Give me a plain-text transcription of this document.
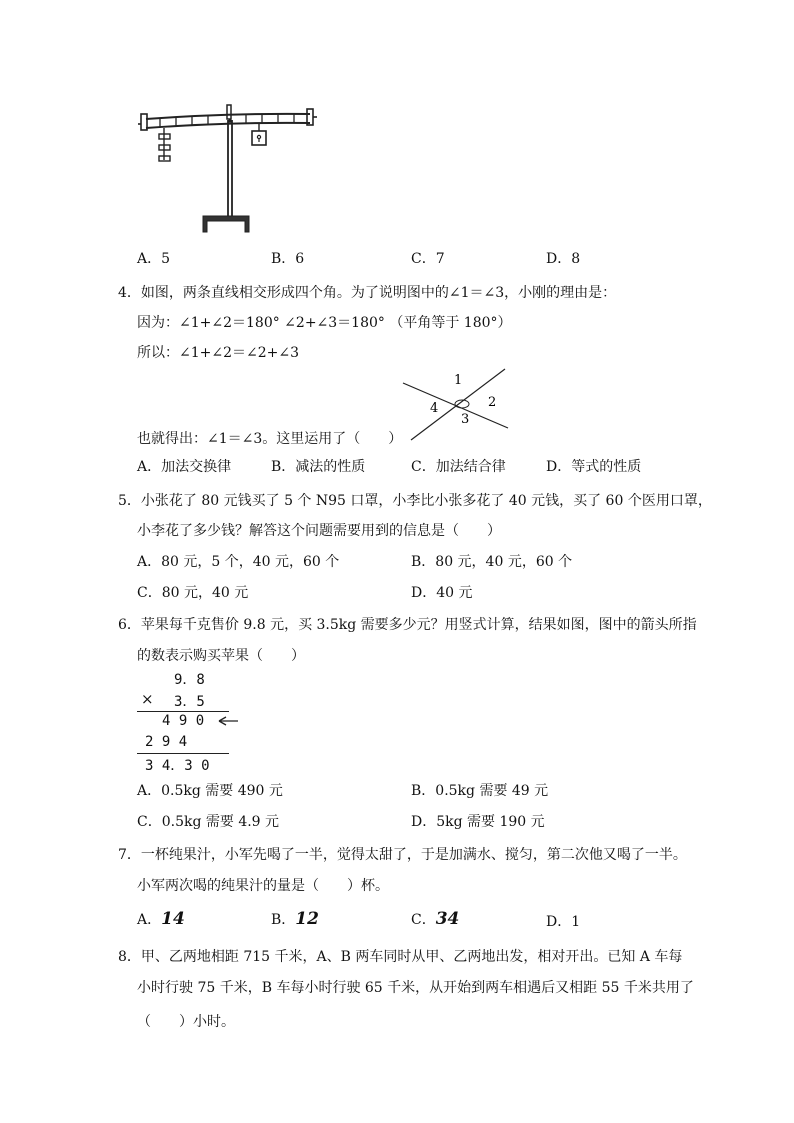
A．5	B．6	C．7	D．8
4．如图，两条直线相交形成四个角。为了说明图中的∠1＝∠3，小刚的理由是：
因为：∠1+∠2＝180° ∠2+∠3＝180° （平角等于 180°）
所以：∠1+∠2＝∠2+∠3
1
2
3
4
也就得出：∠1＝∠3。这里运用了（　　）
A．加法交换律	B．减法的性质	C．加法结合律	D．等式的性质
5．小张花了 80 元钱买了 5 个 N95 口罩，小李比小张多花了 40 元钱，买了 60 个医用口罩，
小李花了多少钱？解答这个问题需要用到的信息是（　　）
A．80 元，5 个，40 元，60 个	B．80 元，40 元，60 个
C．80 元，40 元	D．40 元
6．苹果每千克售价 9.8 元，买 3.5kg 需要多少元？用竖式计算，结果如图，图中的箭头所指
的数表示购买苹果（　　）
9．8
× 3．5
4 9 0
2 9 4
3 4．3 0
A．0.5kg 需要 490 元	B．0.5kg 需要 49 元
C．0.5kg 需要 4.9 元	D．5kg 需要 190 元
7．一杯纯果汁，小军先喝了一半，觉得太甜了，于是加满水、搅匀，第二次他又喝了一半。
小军两次喝的纯果汁的量是（　　）杯。
A．14	B．12	C．34	D．1
8．甲、乙两地相距 715 千米，A、B 两车同时从甲、乙两地出发，相对开出。已知 A 车每
小时行驶 75 千米，B 车每小时行驶 65 千米，从开始到两车相遇后又相距 55 千米共用了
（　　）小时。
